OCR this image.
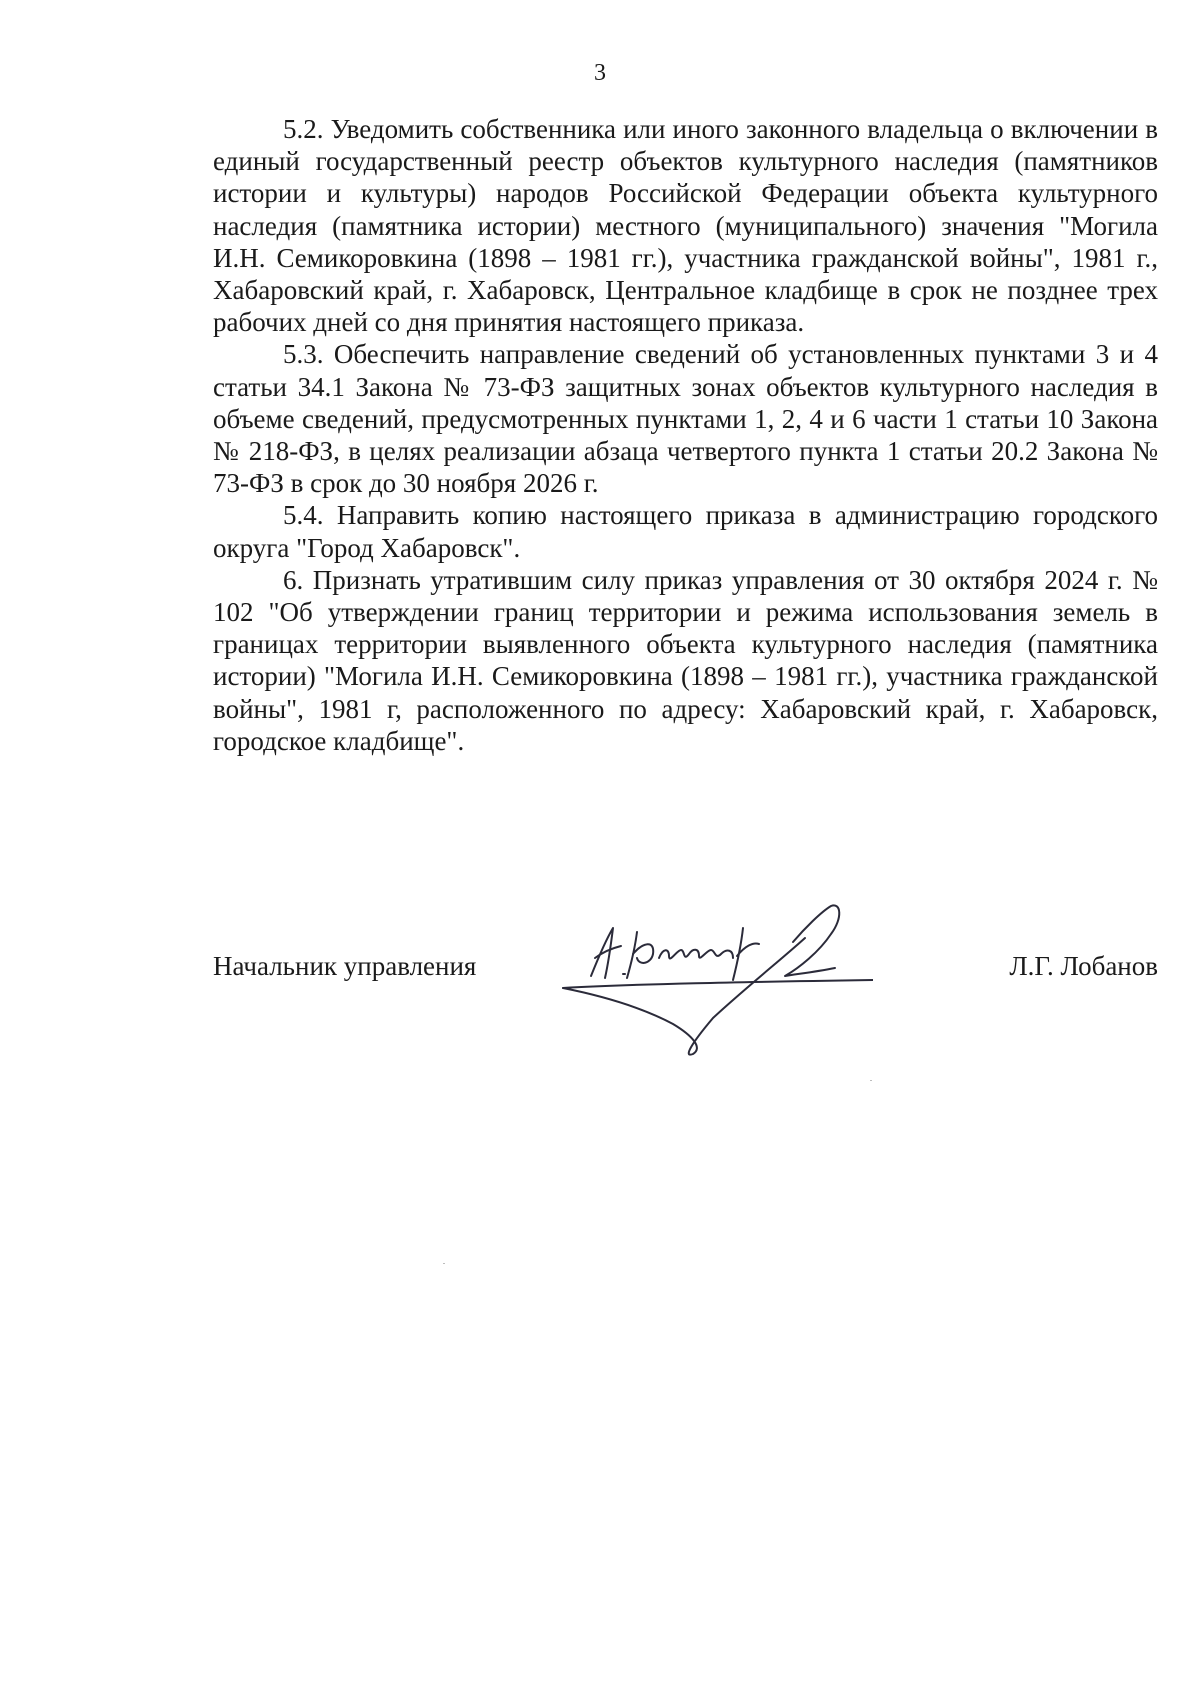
3

5.2. Уведомить собственника или иного законного владельца о включении в единый государственный реестр объектов культурного наследия (памятников истории и культуры) народов Российской Федерации объекта культурного наследия (памятника истории) местного (муниципального) значения "Могила И.Н. Семикоровкина (1898 – 1981 гг.), участника гражданской войны", 1981 г., Хабаровский край, г. Хабаровск, Центральное кладбище в срок не позднее трех рабочих дней со дня принятия настоящего приказа.

5.3. Обеспечить направление сведений об установленных пунктами 3 и 4 статьи 34.1 Закона № 73-ФЗ защитных зонах объектов культурного наследия в объеме сведений, предусмотренных пунктами 1, 2, 4 и 6 части 1 статьи 10 Закона № 218-ФЗ, в целях реализации абзаца четвертого пункта 1 статьи 20.2 Закона № 73-ФЗ в срок до 30 ноября 2026 г.

5.4. Направить копию настоящего приказа в администрацию городского округа "Город Хабаровск".

6. Признать утратившим силу приказ управления от 30 октября 2024 г. № 102 "Об утверждении границ территории и режима использования земель в границах территории выявленного объекта культурного наследия (памятника истории) "Могила И.Н. Семикоровкина (1898 – 1981 гг.), участника гражданской войны", 1981 г, расположенного по адресу: Хабаровский край, г. Хабаровск, городское кладбище".

Начальник управления	Л.Г. Лобанов
